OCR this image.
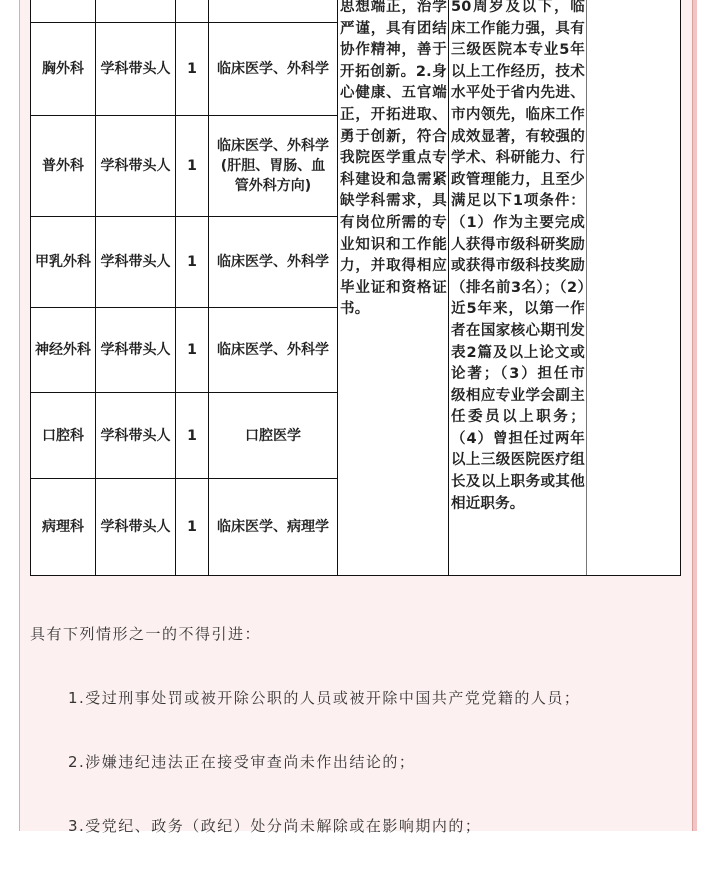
				思想端正，治学严谨，具有团结协作精神，善于开拓创新。2.身心健康、五官端正，开拓进取、勇于创新，符合我院医学重点专科建设和急需紧缺学科需求，具有岗位所需的专业知识和工作能力，并取得相应毕业证和资格证书。	50周岁及以下，临床工作能力强，具有三级医院本专业5年以上工作经历，技术水平处于省内先进、市内领先，临床工作成效显著，有较强的学术、科研能力、行政管理能力，且至少满足以下1项条件：（1）作为主要完成人获得市级科研奖励或获得市级科技奖励（排名前3名）；（2）近5年来，以第一作者在国家核心期刊发表2篇及以上论文或论著；（3）担任市级相应专业学会副主任委员以上职务；（4）曾担任过两年以上三级医院医疗组长及以上职务或其他相近职务。	
胸外科	学科带头人	1	临床医学、外科学			
普外科	学科带头人	1	临床医学、外科学(肝胆、胃肠、血管外科方向)			
甲乳外科	学科带头人	1	临床医学、外科学			
神经外科	学科带头人	1	临床医学、外科学			
口腔科	学科带头人	1	口腔医学			
病理科	学科带头人	1	临床医学、病理学			

具有下列情形之一的不得引进：

1.受过刑事处罚或被开除公职的人员或被开除中国共产党党籍的人员；

2.涉嫌违纪违法正在接受审查尚未作出结论的；

3.受党纪、政务（政纪）处分尚未解除或在影响期内的；
